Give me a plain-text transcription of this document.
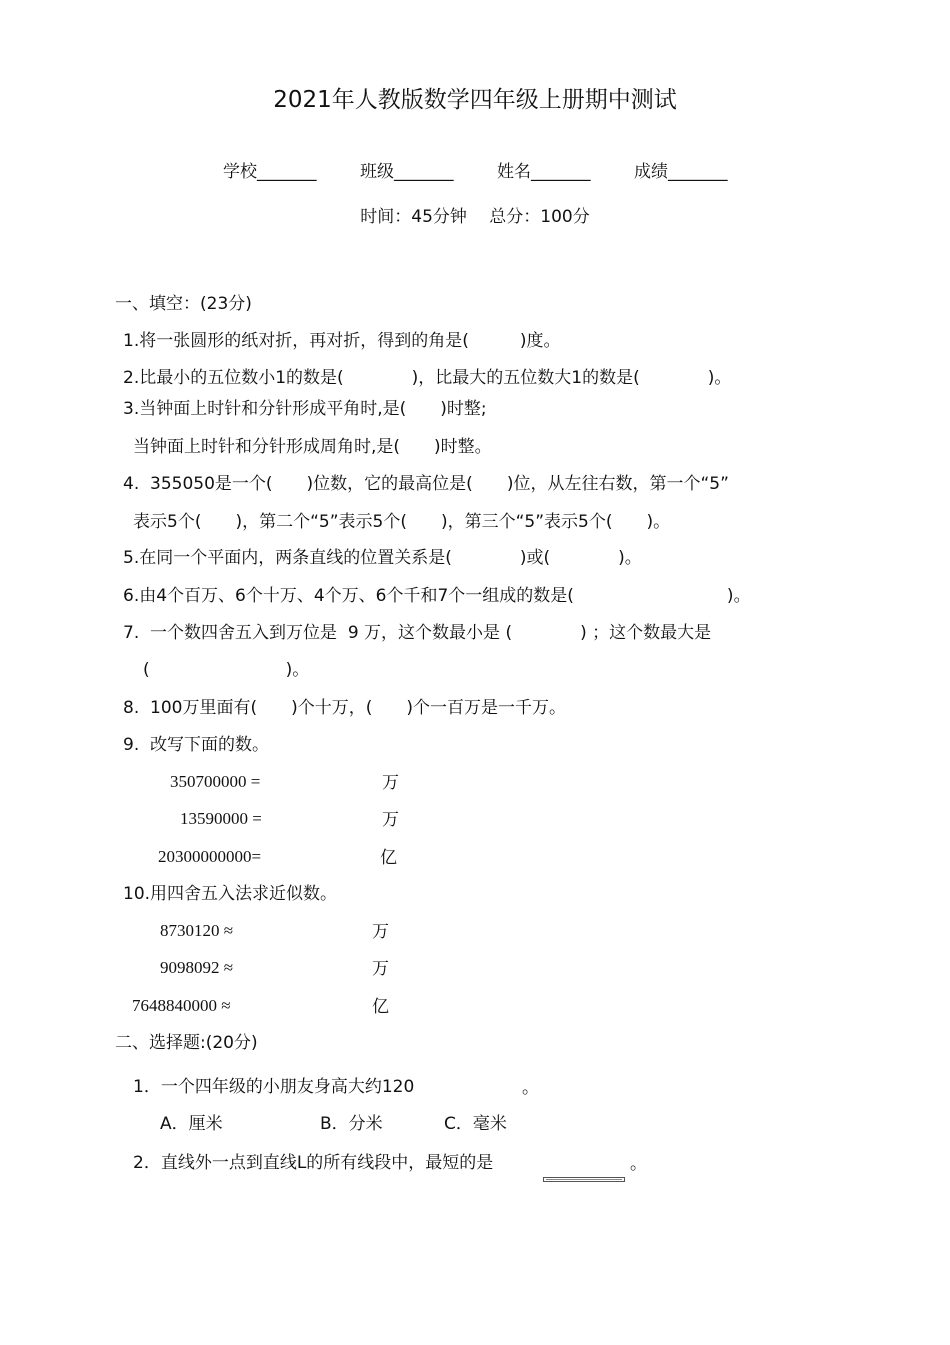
2021年人教版数学四年级上册期中测试
学校_______	班级_______	姓名_______	成绩_______
时间：45分钟　 总分：100分
一、填空：(23分)
1.将一张圆形的纸对折，再对折，得到的角是(　　　)度。
2.比最小的五位数小1的数是(　　　　)，比最大的五位数大1的数是(　　　　)。
3.当钟面上时针和分针形成平角时,是(　　)时整;
当钟面上时针和分针形成周角时,是(　　)时整。
4.  355050是一个(　　)位数，它的最高位是(　　)位，从左往右数，第一个“5”
表示5个(　　)，第二个“5”表示5个(　　)，第三个“5”表示5个(　　)。
5.在同一个平面内，两条直线的位置关系是(　　　　)或(　　　　)。
6.由4个百万、6个十万、4个万、6个千和7个一组成的数是(　　　　　　　　　)。
7.  一个数四舍五入到万位是  9 万，这个数最小是 (　　　　) ；这个数最大是
(　　　　　　　　)。
8.  100万里面有(　　)个十万，(　　)个一百万是一千万。
9.  改写下面的数。
350700000 =	万
13590000 =	万
20300000000=	亿
10.用四舍五入法求近似数。
8730120 ≈	万
9098092 ≈	万
7648840000 ≈	亿
二、选择题:(20分)
1．一个四年级的小朋友身高大约120	。
A．厘米	B．分米	C．毫米
2．直线外一点到直线L的所有线段中，最短的是	。
